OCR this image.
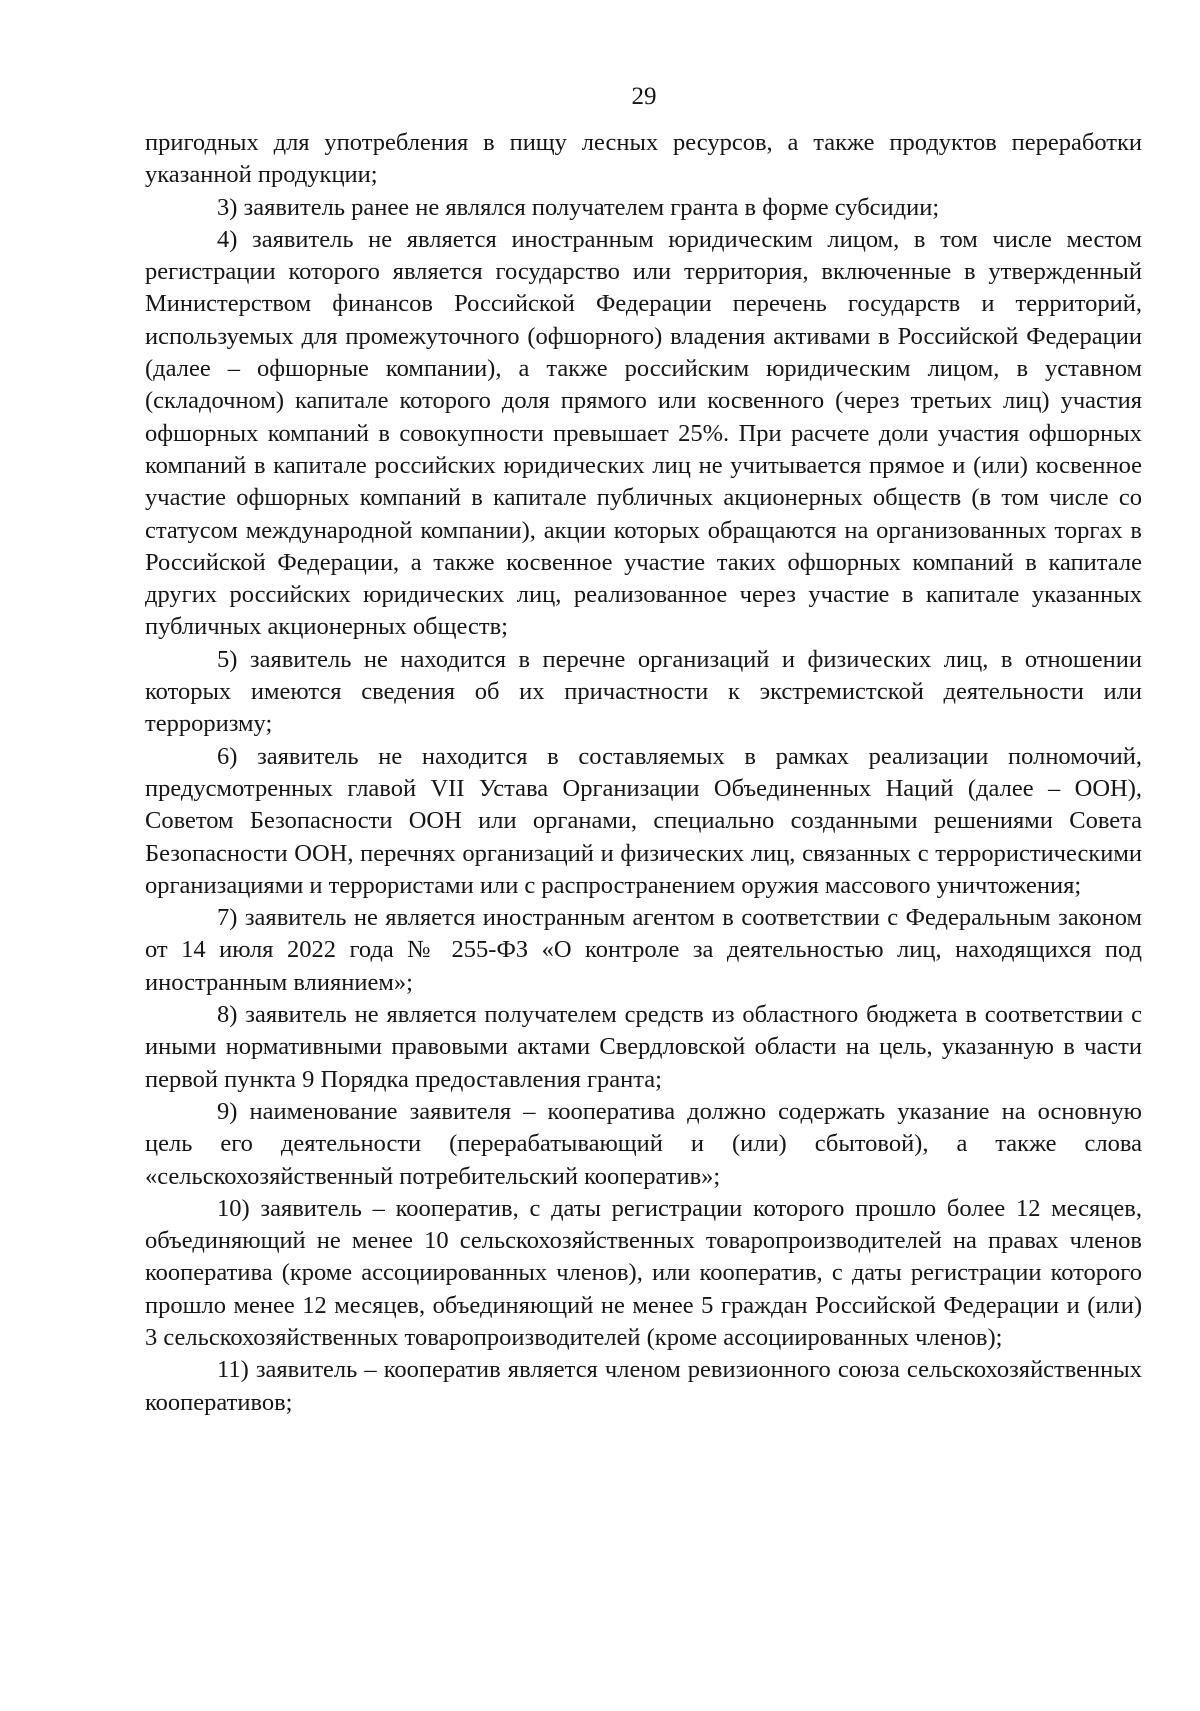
29

пригодных для употребления в пищу лесных ресурсов, а также продуктов переработки указанной продукции;

3) заявитель ранее не являлся получателем гранта в форме субсидии;

4) заявитель не является иностранным юридическим лицом, в том числе местом регистрации которого является государство или территория, включенные в утвержденный Министерством финансов Российской Федерации перечень государств и территорий, используемых для промежуточного (офшорного) владения активами в Российской Федерации (далее – офшорные компании), а также российским юридическим лицом, в уставном (складочном) капитале которого доля прямого или косвенного (через третьих лиц) участия офшорных компаний в совокупности превышает 25%. При расчете доли участия офшорных компаний в капитале российских юридических лиц не учитывается прямое и (или) косвенное участие офшорных компаний в капитале публичных акционерных обществ (в том числе со статусом международной компании), акции которых обращаются на организованных торгах в Российской Федерации, а также косвенное участие таких офшорных компаний в капитале других российских юридических лиц, реализованное через участие в капитале указанных публичных акционерных обществ;

5) заявитель не находится в перечне организаций и физических лиц, в отношении которых имеются сведения об их причастности к экстремистской деятельности или терроризму;

6) заявитель не находится в составляемых в рамках реализации полномочий, предусмотренных главой VII Устава Организации Объединенных Наций (далее – ООН), Советом Безопасности ООН или органами, специально созданными решениями Совета Безопасности ООН, перечнях организаций и физических лиц, связанных с террористическими организациями и террористами или с распространением оружия массового уничтожения;

7) заявитель не является иностранным агентом в соответствии с Федеральным законом от 14 июля 2022 года № 255-ФЗ «О контроле за деятельностью лиц, находящихся под иностранным влиянием»;

8) заявитель не является получателем средств из областного бюджета в соответствии с иными нормативными правовыми актами Свердловской области на цель, указанную в части первой пункта 9 Порядка предоставления гранта;

9) наименование заявителя – кооператива должно содержать указание на основную цель его деятельности (перерабатывающий и (или) сбытовой), а также слова «сельскохозяйственный потребительский кооператив»;

10) заявитель – кооператив, с даты регистрации которого прошло более 12 месяцев, объединяющий не менее 10 сельскохозяйственных товаропроизводителей на правах членов кооператива (кроме ассоциированных членов), или кооператив, с даты регистрации которого прошло менее 12 месяцев, объединяющий не менее 5 граждан Российской Федерации и (или) 3 сельскохозяйственных товаропроизводителей (кроме ассоциированных членов);

11) заявитель – кооператив является членом ревизионного союза сельскохозяйственных кооперативов;
